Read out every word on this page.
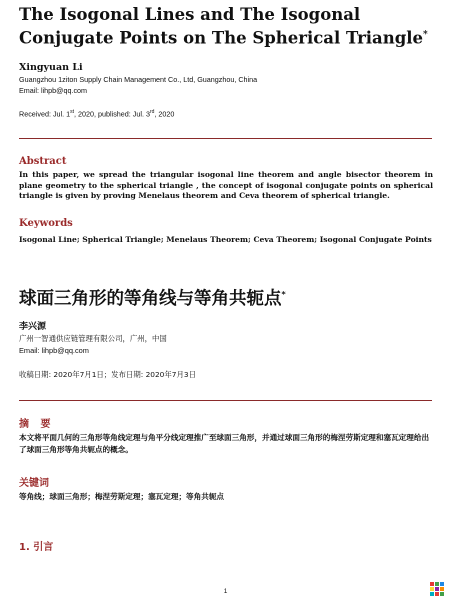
The Isogonal Lines and The Isogonal Conjugate Points on The Spherical Triangle*
Xingyuan Li
Guangzhou 1ziton Supply Chain Management Co., Ltd, Guangzhou, China
Email: lihpb@qq.com
Received: Jul. 1st, 2020, published: Jul. 3rd, 2020
Abstract
In this paper, we spread the triangular isogonal line theorem and angle bisector theorem in plane geometry to the spherical triangle , the concept of isogonal conjugate points on spherical triangle is given by proving Menelaus theorem and Ceva theorem of spherical triangle.
Keywords
Isogonal Line; Spherical Triangle; Menelaus Theorem; Ceva Theorem; Isogonal Conjugate Points
球面三角形的等角线与等角共轭点*
李兴源
广州一智通供应链管理有限公司，广州，中国
Email: lihpb@qq.com
收稿日期: 2020年7月1日；发布日期: 2020年7月3日
摘 要
本文将平面几何的三角形等角线定理与角平分线定理推广至球面三角形，并通过球面三角形的梅涅劳斯定理和塞瓦定理给出了球面三角形等角共轭点的概念。
关键词
等角线；球面三角形；梅涅劳斯定理；塞瓦定理；等角共轭点
1. 引言
1
